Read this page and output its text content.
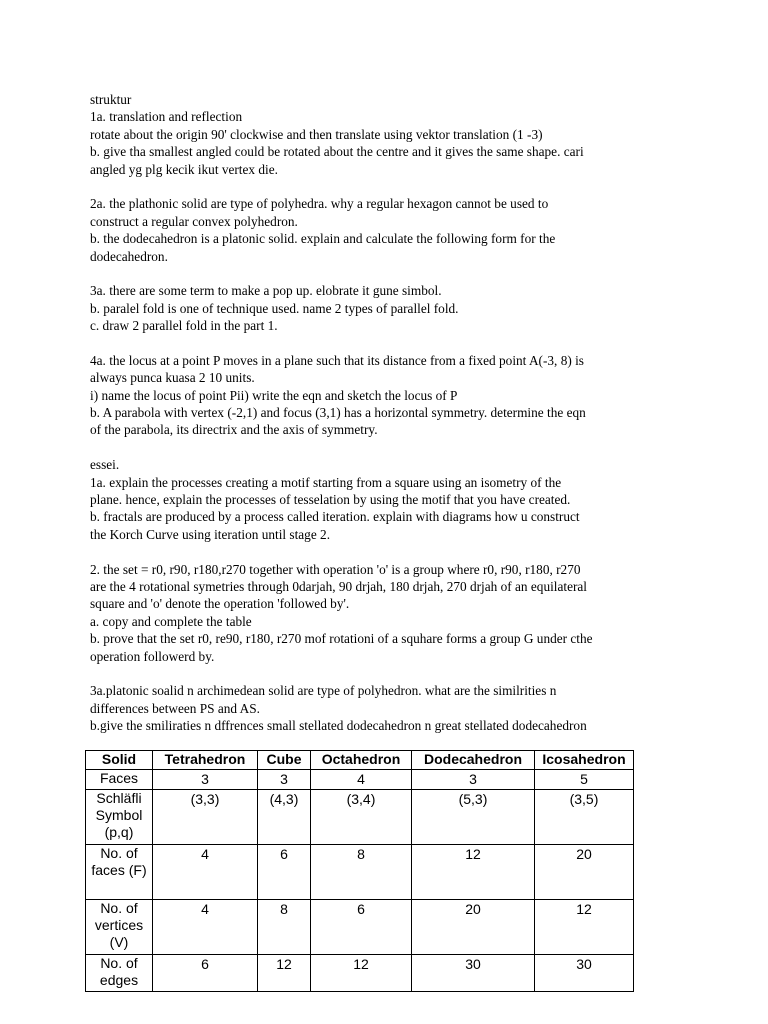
struktur
1a. translation and reflection
rotate about the origin 90' clockwise and then translate using vektor translation (1 -3)
b. give tha smallest angled could be rotated about the centre and it gives the same shape. cari
angled yg plg kecik ikut vertex die.
2a. the plathonic solid are type of polyhedra. why a regular hexagon cannot be used to
construct a regular convex polyhedron.
b. the dodecahedron is a platonic solid. explain and calculate the following form for the
dodecahedron.
3a. there are some term to make a pop up. elobrate it gune simbol.
b. paralel fold is one of technique used. name 2 types of parallel fold.
c. draw 2 parallel fold in the part 1.
4a. the locus at a point P moves in a plane such that its distance from a fixed point A(-3, 8) is
always punca kuasa 2 10 units.
i) name the locus of point Pii) write the eqn and sketch the locus of P
b. A parabola with vertex (-2,1) and focus (3,1) has a horizontal symmetry. determine the eqn
of the parabola, its directrix and the axis of symmetry.
essei.
1a. explain the processes creating a motif starting from a square using an isometry of the
plane. hence, explain the processes of tesselation by using the motif that you have created.
b. fractals are produced by a process called iteration. explain with diagrams how u construct
the Korch Curve using iteration until stage 2.
2. the set = r0, r90, r180,r270 together with operation 'o' is a group where r0, r90, r180, r270
are the 4 rotational symetries through 0darjah, 90 drjah, 180 drjah, 270 drjah of an equilateral
square and 'o' denote the operation 'followed by'.
a. copy and complete the table
b. prove that the set r0, re90, r180, r270 mof rotationi of a squhare forms a group G under cthe
operation followerd by.
3a.platonic soalid n archimedean solid are type of polyhedron. what are the similrities n
differences between PS and AS.
b.give the smiliraties n dffrences small stellated dodecahedron n great stellated dodecahedron
Solid	Tetrahedron	Cube	Octahedron	Dodecahedron	Icosahedron
Faces	3	3	4	3	5
Schläfli Symbol (p,q)	(3,3)	(4,3)	(3,4)	(5,3)	(3,5)
No. of faces (F)	4	6	8	12	20
No. of vertices (V)	4	8	6	20	12
No. of edges	6	12	12	30	30
